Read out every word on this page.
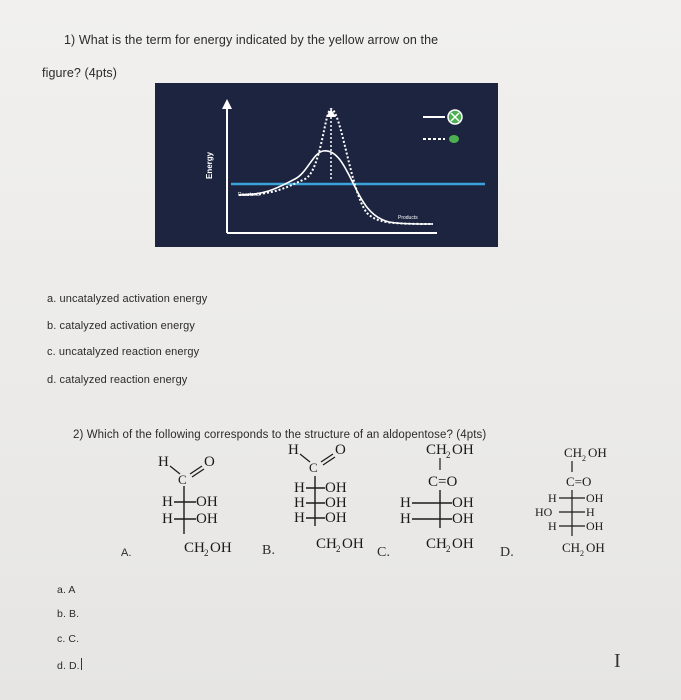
1) What is the term for energy indicated by the yellow arrow on the
figure? (4pts)
Energy
Reactants
Products
a. uncatalyzed activation energy
b. catalyzed activation energy
c. uncatalyzed reaction energy
d. catalyzed reaction energy
2) Which of the following corresponds to the structure of an aldopentose? (4pts)
H
C
O
H OH
H OH
CH 2 OH
H
C
O
H OH
H OH
H OH
CH 2 OH
CH 2 OH
C=O
H	OH
H	OH
CH 2 OH
CH 2 OH
C=O
H OH
HO	H
H OH
CH 2 OH
A.	B.	C.	D.
a. A
b. B.
c. C.
d. D.	I
